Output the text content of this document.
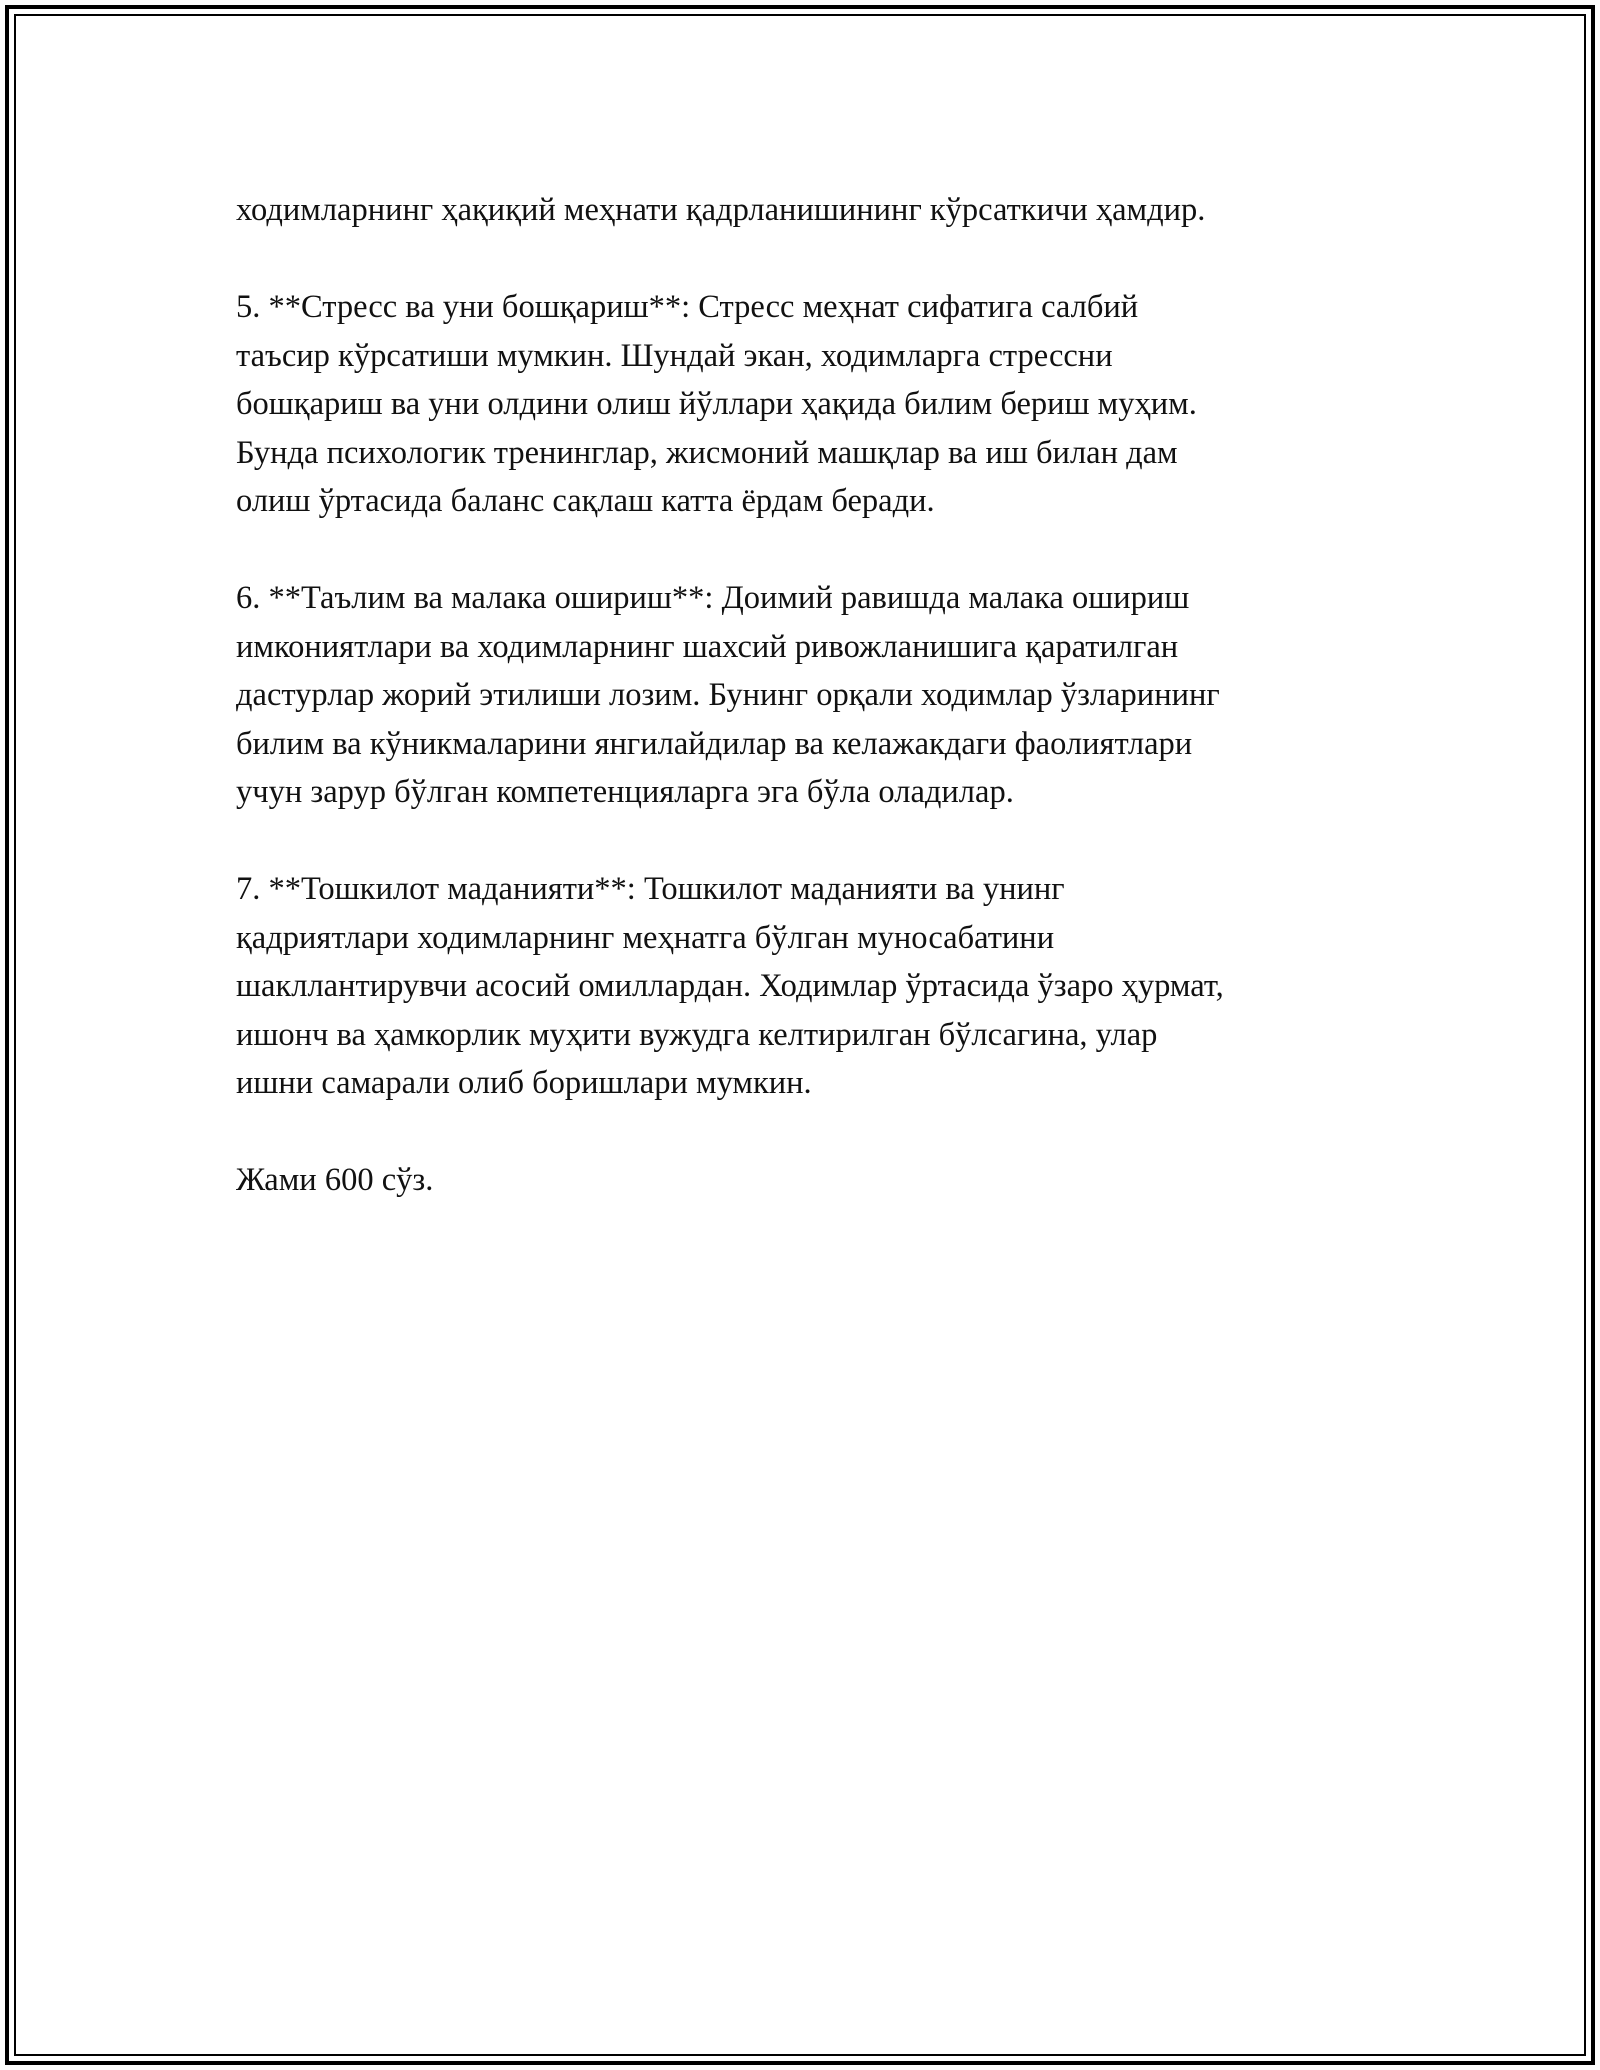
ходимларнинг ҳақиқий меҳнати қадрланишининг кўрсаткичи ҳамдир.

5. **Стресс ва уни бошқариш**: Стресс меҳнат сифатига салбий
таъсир кўрсатиши мумкин. Шундай экан, ходимларга стрессни
бошқариш ва уни олдини олиш йўллари ҳақида билим бериш муҳим.
Бунда психологик тренинглар, жисмоний машқлар ва иш билан дам
олиш ўртасида баланс сақлаш катта ёрдам беради.

6. **Таълим ва малака ошириш**: Доимий равишда малака ошириш
имкониятлари ва ходимларнинг шахсий ривожланишига қаратилган
дастурлар жорий этилиши лозим. Бунинг орқали ходимлар ўзларининг
билим ва кўникмаларини янгилайдилар ва келажакдаги фаолиятлари
учун зарур бўлган компетенцияларга эга бўла оладилар.

7. **Тошкилот маданияти**: Тошкилот маданияти ва унинг
қадриятлари ходимларнинг меҳнатга бўлган муносабатини
шакллантирувчи асосий омиллардан. Ходимлар ўртасида ўзаро ҳурмат,
ишонч ва ҳамкорлик муҳити вужудга келтирилган бўлсагина, улар
ишни самарали олиб боришлари мумкин.

Жами 600 сўз.
